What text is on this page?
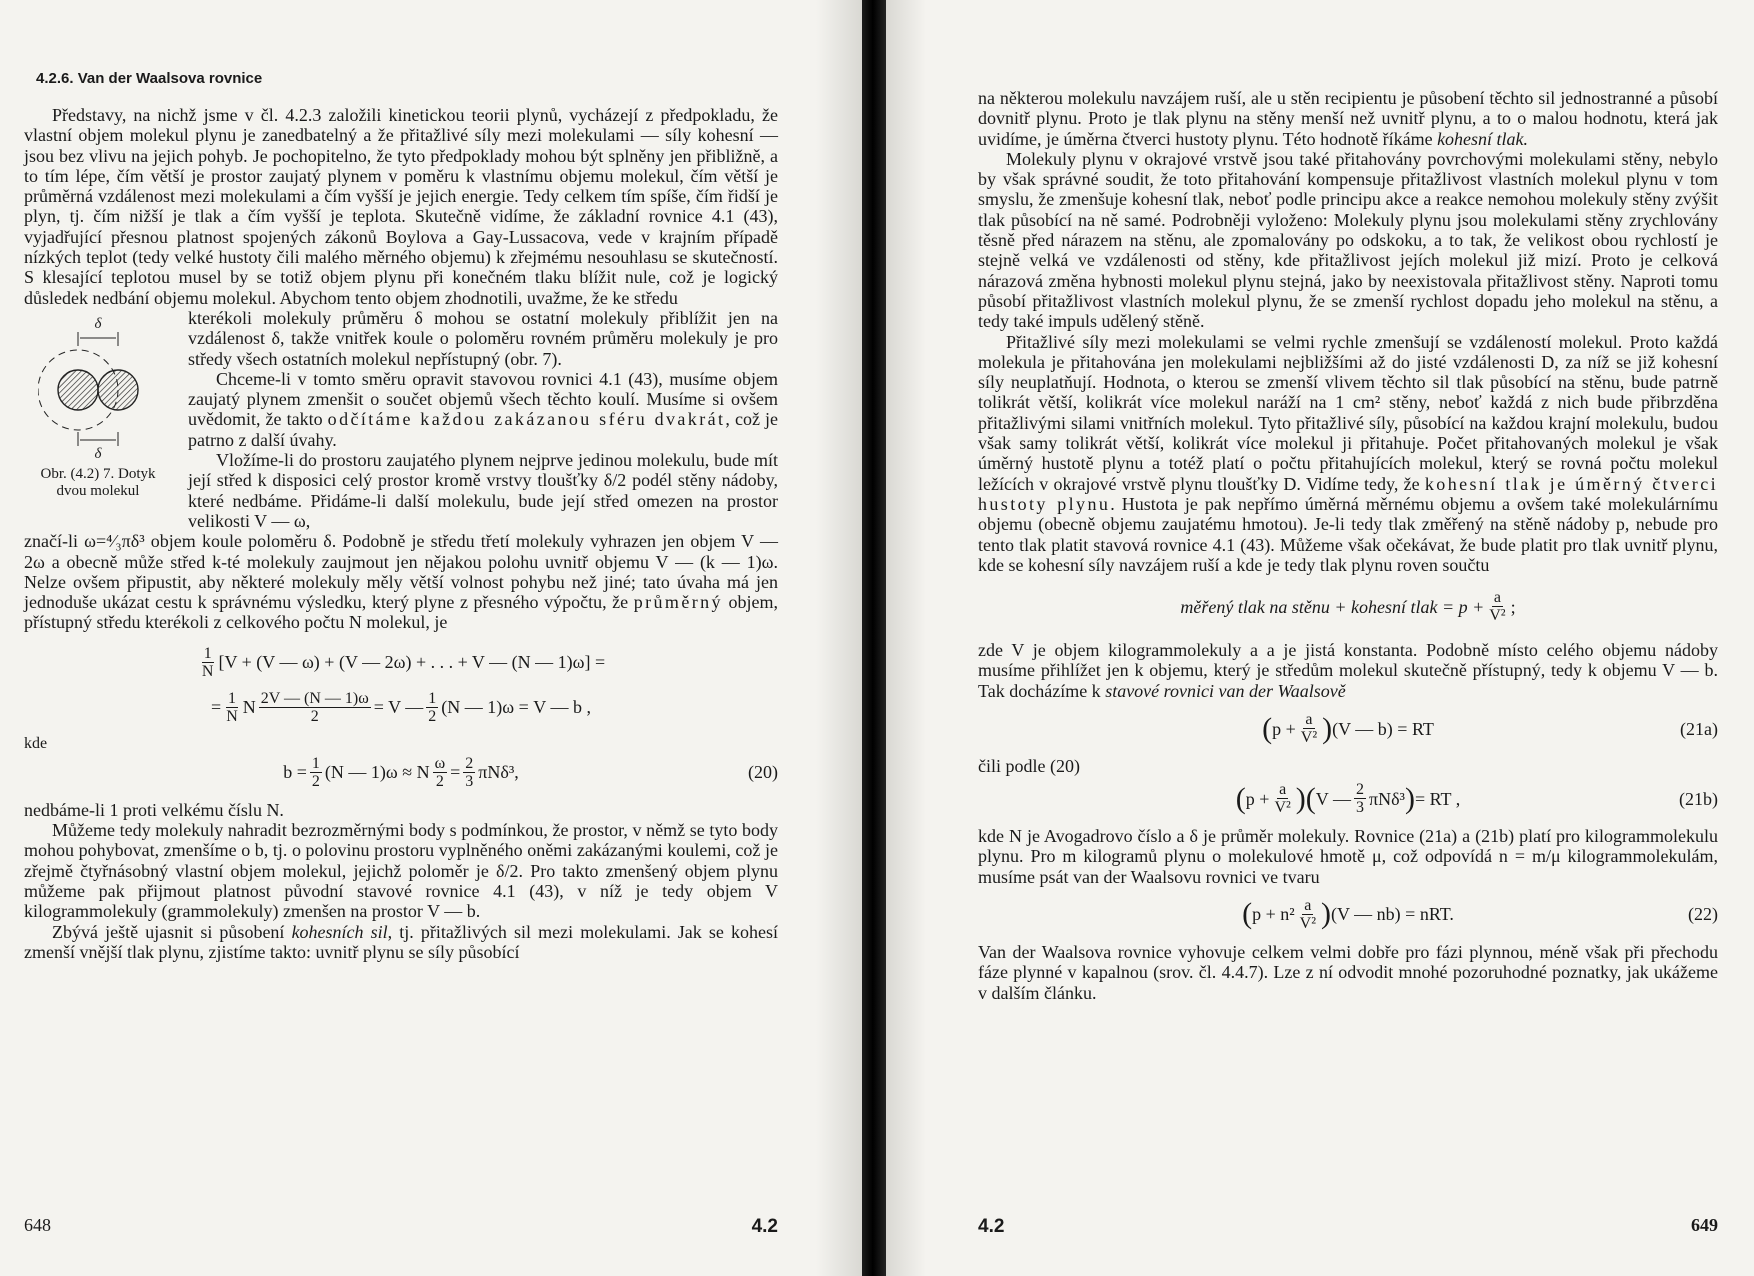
4.2.6. Van der Waalsova rovnice

Představy, na nichž jsme v čl. 4.2.3 založili kinetickou teorii plynů, vycházejí z předpokladu, že vlastní objem molekul plynu je zanedbatelný a že přitažlivé síly mezi molekulami — síly kohesní — jsou bez vlivu na jejich pohyb. Je pochopitelno, že tyto předpoklady mohou být splněny jen přibližně, a to tím lépe, čím větší je prostor zaujatý plynem v poměru k vlastnímu objemu molekul, čím větší je průměrná vzdálenost mezi molekulami a čím vyšší je jejich energie. Tedy celkem tím spíše, čím řidší je plyn, tj. čím nižší je tlak a čím vyšší je teplota. Skutečně vidíme, že základní rovnice 4.1 (43), vyjadřující přesnou platnost spojených zákonů Boylova a Gay-Lussacova, vede v krajním případě nízkých teplot (tedy velké hustoty čili malého měrného objemu) k zřejmému nesouhlasu se skutečností. S klesající teplotou musel by se totiž objem plynu při konečném tlaku blížit nule, což je logický důsledek nedbání objemu molekul. Abychom tento objem zhodnotili, uvažme, že ke středu

δ
δ
Obr. (4.2) 7. Dotyk dvou molekul

kterékoli molekuly průměru δ mohou se ostatní molekuly přiblížit jen na vzdálenost δ, takže vnitřek koule o poloměru rovném průměru molekuly je pro středy všech ostatních molekul nepřístupný (obr. 7).

Chceme-li v tomto směru opravit stavovou rovnici 4.1 (43), musíme objem zaujatý plynem zmenšit o součet objemů všech těchto koulí. Musíme si ovšem uvědomit, že takto odčítáme každou zakázanou sféru dvakrát, což je patrno z další úvahy.

Vložíme-li do prostoru zaujatého plynem nejprve jedinou molekulu, bude mít její střed k disposici celý prostor kromě vrstvy tloušťky δ/2 podél stěny nádoby, které nedbáme. Přidáme-li další molekulu, bude její střed omezen na prostor velikosti V — ω,

značí-li ω=⁴⁄₃πδ³ objem koule poloměru δ. Podobně je středu třetí molekuly vyhrazen jen objem V — 2ω a obecně může střed k-té molekuly zaujmout jen nějakou polohu uvnitř objemu V — (k — 1)ω. Nelze ovšem připustit, aby některé molekuly měly větší volnost pohybu než jiné; tato úvaha má jen jednoduše ukázat cestu k správnému výsledku, který plyne z přesného výpočtu, že průměrný objem, přístupný středu kterékoli z celkového počtu N molekul, je

$\frac{1}{N} [V + (V$ — ω) + (V — 2ω) + . . . + V — (N — 1)ω] =
= $\frac{1}{N}$ N $\frac{2V — (N — 1)\omega}{2} = V$ — $\frac{1}{2} (N$ — 1)ω = V — b ,
kde
$b = \frac{1}{2} (N$ — 1)ω ≈ N $\frac{\omega}{2} = \frac{2}{3} \pi N\delta^3$,	(20)

nedbáme-li 1 proti velkému číslu N.

Můžeme tedy molekuly nahradit bezrozměrnými body s podmínkou, že prostor, v němž se tyto body mohou pohybovat, zmenšíme o b, tj. o polovinu prostoru vyplněného oněmi zakázanými koulemi, což je zřejmě čtyřnásobný vlastní objem molekul, jejichž poloměr je δ/2. Pro takto zmenšený objem plynu můžeme pak přijmout platnost původní stavové rovnice 4.1 (43), v níž je tedy objem V kilogrammolekuly (grammolekuly) zmenšen na prostor V — b.

Zbývá ještě ujasnit si působení kohesních sil, tj. přitažlivých sil mezi molekulami. Jak se kohesí zmenší vnější tlak plynu, zjistíme takto: uvnitř plynu se síly působící

648	4.2

na některou molekulu navzájem ruší, ale u stěn recipientu je působení těchto sil jednostranné a působí dovnitř plynu. Proto je tlak plynu na stěny menší než uvnitř plynu, a to o malou hodnotu, která jak uvidíme, je úměrna čtverci hustoty plynu. Této hodnotě říkáme kohesní tlak.

Molekuly plynu v okrajové vrstvě jsou také přitahovány povrchovými molekulami stěny, nebylo by však správné soudit, že toto přitahování kompensuje přitažlivost vlastních molekul plynu v tom smyslu, že zmenšuje kohesní tlak, neboť podle principu akce a reakce nemohou molekuly stěny zvýšit tlak působící na ně samé. Podrobněji vyloženo: Molekuly plynu jsou molekulami stěny zrychlovány těsně před nárazem na stěnu, ale zpomalovány po odskoku, a to tak, že velikost obou rychlostí je stejně velká ve vzdálenosti od stěny, kde přitažlivost jejích molekul již mizí. Proto je celková nárazová změna hybnosti molekul plynu stejná, jako by neexistovala přitažlivost stěny. Naproti tomu působí přitažlivost vlastních molekul plynu, že se zmenší rychlost dopadu jeho molekul na stěnu, a tedy také impuls udělený stěně.

Přitažlivé síly mezi molekulami se velmi rychle zmenšují se vzdáleností molekul. Proto každá molekula je přitahována jen molekulami nejbližšími až do jisté vzdálenosti D, za níž se již kohesní síly neuplatňují. Hodnota, o kterou se zmenší vlivem těchto sil tlak působící na stěnu, bude patrně tolikrát větší, kolikrát více molekul naráží na 1 cm² stěny, neboť každá z nich bude přibrzděna přitažlivými silami vnitřních molekul. Tyto přitažlivé síly, působící na každou krajní molekulu, budou však samy tolikrát větší, kolikrát více molekul ji přitahuje. Počet přitahovaných molekul je však úměrný hustotě plynu a totéž platí o počtu přitahujících molekul, který se rovná počtu molekul ležících v okrajové vrstvě plynu tloušťky D. Vidíme tedy, že kohesní tlak je úměrný čtverci hustoty plynu. Hustota je pak nepřímo úměrná měrnému objemu a ovšem také molekulárnímu objemu (obecně objemu zaujatému hmotou). Je-li tedy tlak změřený na stěně nádoby p, nebude pro tento tlak platit stavová rovnice 4.1 (43). Můžeme však očekávat, že bude platit pro tlak uvnitř plynu, kde se kohesní síly navzájem ruší a kde je tedy tlak plynu roven součtu

měřený tlak na stěnu + kohesní tlak = $p + \frac{a}{\text{V²}}$ ;

zde V je objem kilogrammolekuly a a je jistá konstanta. Podobně místo celého objemu nádoby musíme přihlížet jen k objemu, který je středům molekul skutečně přístupný, tedy k objemu V — b. Tak docházíme k stavové rovnici van der Waalsově

( $p + \frac{a}{\text{V²}}$ ) (V — b) = RT	(21a)
čili podle (20)
( $p + \frac{a}{\text{V²}}$ ) ( V — $\frac{2}{3} \pi N\delta^3$ ) = RT ,	(21b)

kde N je Avogadrovo číslo a δ je průměr molekuly. Rovnice (21a) a (21b) platí pro kilogrammolekulu plynu. Pro m kilogramů plynu o molekulové hmotě μ, což odpovídá n = m/μ kilogrammolekulám, musíme psát van der Waalsovu rovnici ve tvaru

( $p + n^2 \frac{a}{\text{V²}}$ ) (V — nb) = nRT.	(22)

Van der Waalsova rovnice vyhovuje celkem velmi dobře pro fázi plynnou, méně však při přechodu fáze plynné v kapalnou (srov. čl. 4.4.7). Lze z ní odvodit mnohé pozoruhodné poznatky, jak ukážeme v dalším článku.

4.2	649
